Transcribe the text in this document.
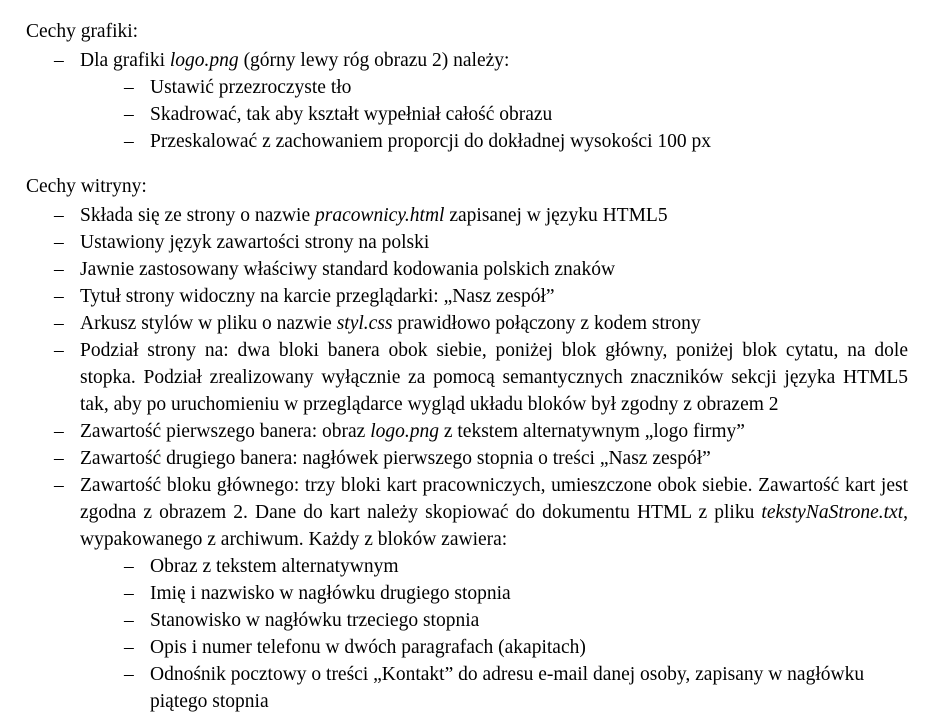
Cechy grafiki:

– Dla grafiki logo.png (górny lewy róg obrazu 2) należy:
– Ustawić przezroczyste tło
– Skadrować, tak aby kształt wypełniał całość obrazu
– Przeskalować z zachowaniem proporcji do dokładnej wysokości 100 px

Cechy witryny:

– Składa się ze strony o nazwie pracownicy.html zapisanej w języku HTML5
– Ustawiony język zawartości strony na polski
– Jawnie zastosowany właściwy standard kodowania polskich znaków
– Tytuł strony widoczny na karcie przeglądarki: „Nasz zespół”
– Arkusz stylów w pliku o nazwie styl.css prawidłowo połączony z kodem strony
– Podział strony na: dwa bloki banera obok siebie, poniżej blok główny, poniżej blok cytatu, na dole stopka. Podział zrealizowany wyłącznie za pomocą semantycznych znaczników sekcji języka HTML5 tak, aby po uruchomieniu w przeglądarce wygląd układu bloków był zgodny z obrazem 2
– Zawartość pierwszego banera: obraz logo.png z tekstem alternatywnym „logo firmy”
– Zawartość drugiego banera: nagłówek pierwszego stopnia o treści „Nasz zespół”
– Zawartość bloku głównego: trzy bloki kart pracowniczych, umieszczone obok siebie. Zawartość kart jest zgodna z obrazem 2. Dane do kart należy skopiować do dokumentu HTML z pliku tekstyNaStrone.txt, wypakowanego z archiwum. Każdy z bloków zawiera:
– Obraz z tekstem alternatywnym
– Imię i nazwisko w nagłówku drugiego stopnia
– Stanowisko w nagłówku trzeciego stopnia
– Opis i numer telefonu w dwóch paragrafach (akapitach)
– Odnośnik pocztowy o treści „Kontakt” do adresu e-mail danej osoby, zapisany w nagłówku piątego stopnia
